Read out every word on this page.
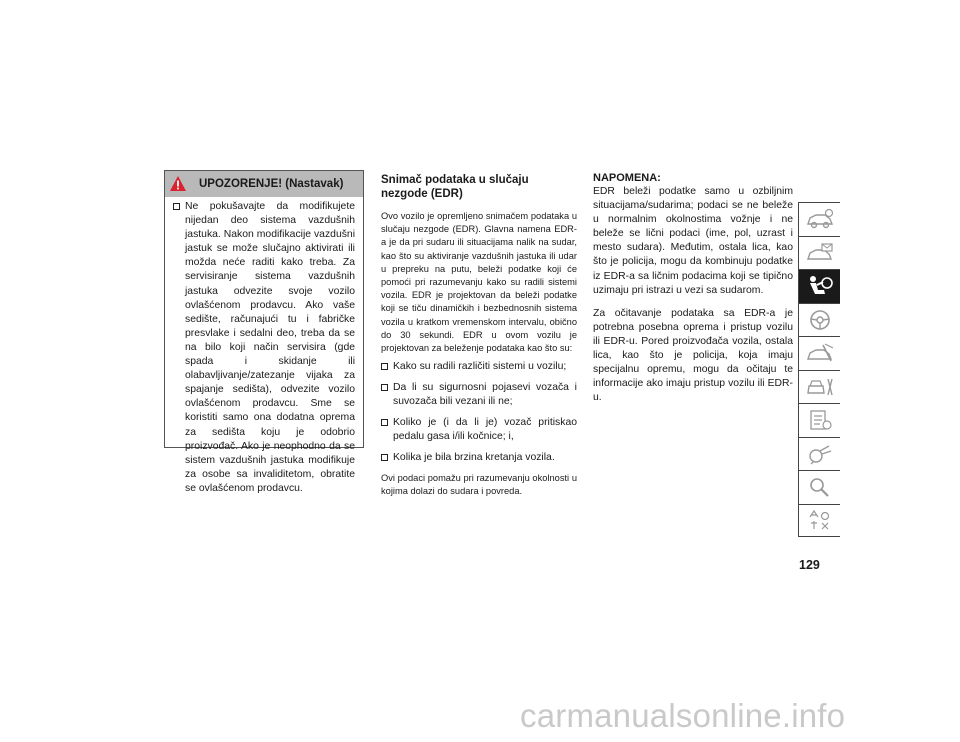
UPOZORENJE! (Nastavak)
Ne pokušavajte da modifikujete nijedan deo sistema vazdušnih jastuka. Nakon modifikacije vazdušni jastuk se može slučajno aktivirati ili možda neće raditi kako treba. Za servisiranje sistema vazdušnih jastuka odvezite svoje vozilo ovlašćenom prodavcu. Ako vaše sedište, računajući tu i fabričke presvlake i sedalni deo, treba da se na bilo koji način servisira (gde spada i skidanje ili olabavljivanje/zatezanje vijaka za spajanje sedišta), odvezite vozilo ovlašćenom prodavcu. Sme se koristiti samo ona dodatna oprema za sedišta koju je odobrio proizvođač. Ako je neophodno da se sistem vazdušnih jastuka modifikuje za osobe sa invaliditetom, obratite se ovlašćenom prodavcu.
Snimač podataka u slučaju nezgode (EDR)

Ovo vozilo je opremljeno snimačem podataka u slučaju nezgode (EDR). Glavna namena EDR-a je da pri sudaru ili situacijama nalik na sudar, kao što su aktiviranje vazdušnih jastuka ili udar u prepreku na putu, beleži podatke koji će pomoći pri razumevanju kako su radili sistemi vozila. EDR je projektovan da beleži podatke koji se tiču dinamičkih i bezbednosnih sistema vozila u kratkom vremenskom intervalu, obično do 30 sekundi. EDR u ovom vozilu je projektovan za beleženje podataka kao što su:

Kako su radili različiti sistemi u vozilu;
Da li su sigurnosni pojasevi vozača i suvozača bili vezani ili ne;
Koliko je (i da li je) vozač pritiskao pedalu gasa i/ili kočnice; i,
Kolika je bila brzina kretanja vozila.

Ovi podaci pomažu pri razumevanju okolnosti u kojima dolazi do sudara i povreda.

NAPOMENA:

EDR beleži podatke samo u ozbiljnim situacijama/sudarima; podaci se ne beleže u normalnim okolnostima vožnje i ne beleže se lični podaci (ime, pol, uzrast i mesto sudara). Međutim, ostala lica, kao što je policija, mogu da kombinuju podatke iz EDR-a sa ličnim podacima koji se tipično uzimaju pri istrazi u vezi sa sudarom.

Za očitavanje podataka sa EDR-a je potrebna posebna oprema i pristup vozilu ili EDR-u. Pored proizvođača vozila, ostala lica, kao što je policija, koja imaju specijalnu opremu, mogu da očitaju te informacije ako imaju pristup vozilu ili EDR-u.

129
carmanualsonline.info
